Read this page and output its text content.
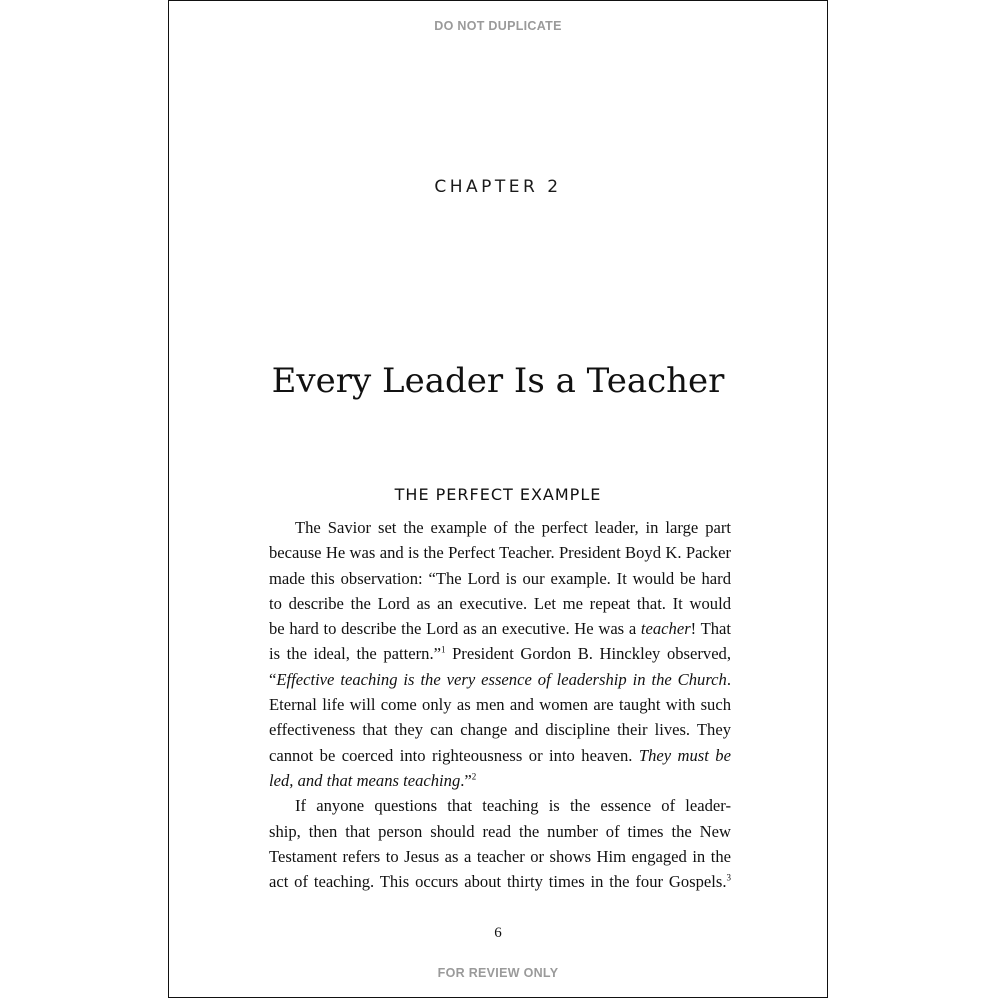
DO NOT DUPLICATE
CHAPTER 2
Every Leader Is a Teacher
THE PERFECT EXAMPLE

The Savior set the example of the perfect leader, in large part
because He was and is the Perfect Teacher. President Boyd K. Packer
made this observation: “The Lord is our example. It would be hard
to describe the Lord as an executive. Let me repeat that. It would
be hard to describe the Lord as an executive. He was a teacher! That
is the ideal, the pattern.”$^1$ President Gordon B. Hinckley observed,
“Effective teaching is the very essence of leadership in the Church.
Eternal life will come only as men and women are taught with such
effectiveness that they can change and discipline their lives. They
cannot be coerced into righteousness or into heaven. They must be
led, and that means teaching.”$^2$

If anyone questions that teaching is the essence of leader-
ship, then that person should read the number of times the New
Testament refers to Jesus as a teacher or shows Him engaged in the
act of teaching. This occurs about thirty times in the four Gospels.$^3$

6
FOR REVIEW ONLY
